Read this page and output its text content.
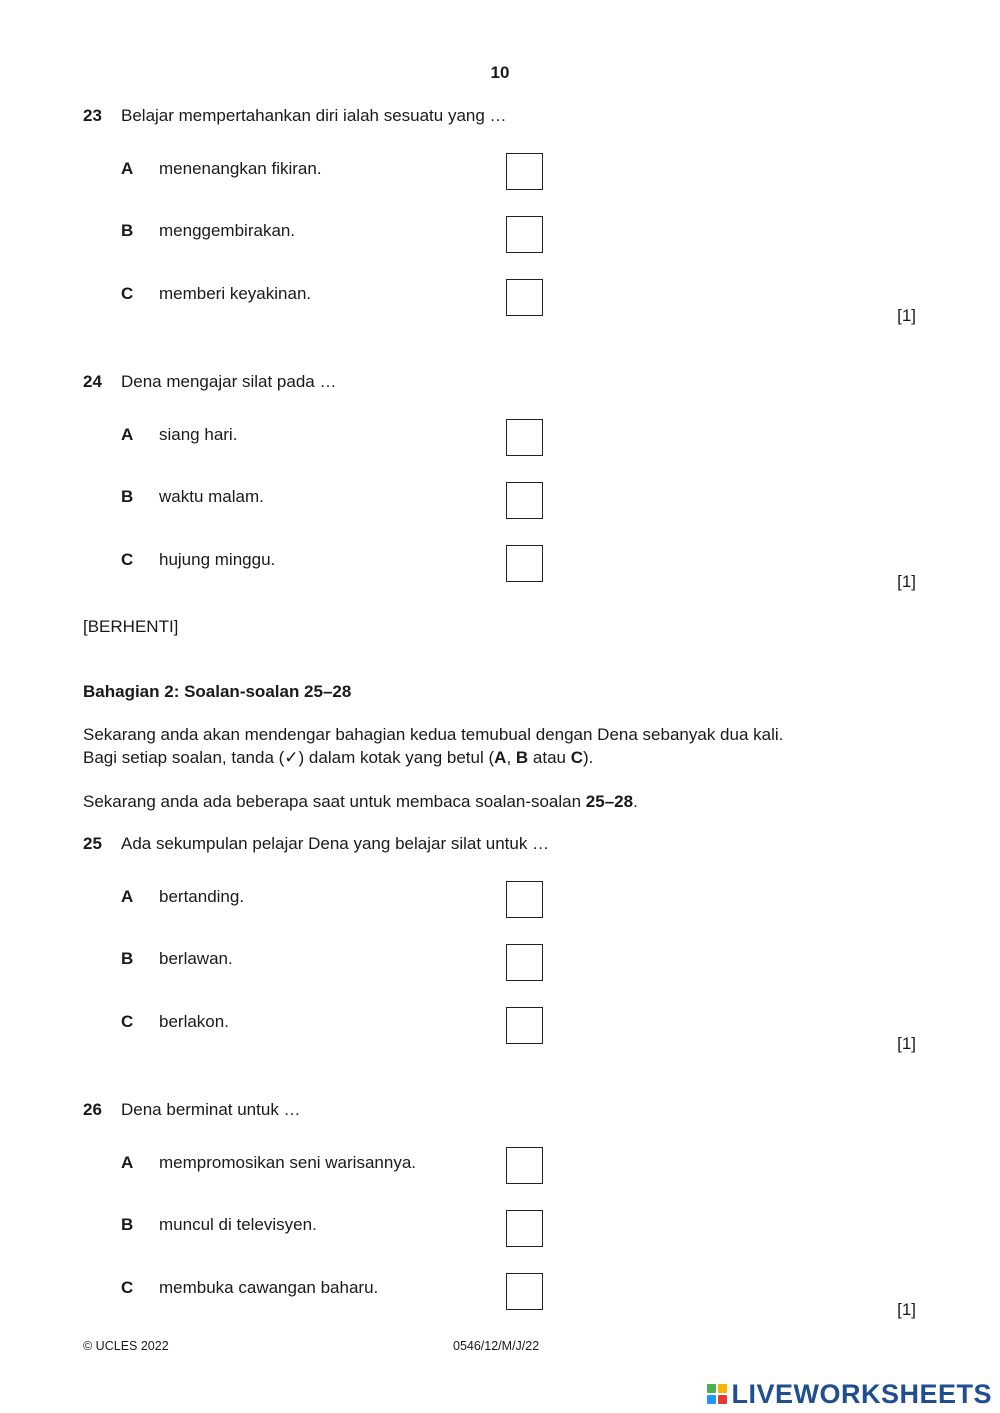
10
23 Belajar mempertahankan diri ialah sesuatu yang …
A menenangkan fikiran.
B menggembirakan.
C memberi keyakinan.
[1]
24 Dena mengajar silat pada …
A siang hari.
B waktu malam.
C hujung minggu.
[1]
[BERHENTI]
Bahagian 2: Soalan-soalan 25–28
Sekarang anda akan mendengar bahagian kedua temubual dengan Dena sebanyak dua kali.
Bagi setiap soalan, tanda (✓) dalam kotak yang betul (A, B atau C).
Sekarang anda ada beberapa saat untuk membaca soalan-soalan 25–28.
25 Ada sekumpulan pelajar Dena yang belajar silat untuk …
A bertanding.
B berlawan.
C berlakon.
[1]
26 Dena berminat untuk …
A mempromosikan seni warisannya.
B muncul di televisyen.
C membuka cawangan baharu.
[1]
© UCLES 2022	0546/12/M/J/22
LIVEWORKSHEETS
